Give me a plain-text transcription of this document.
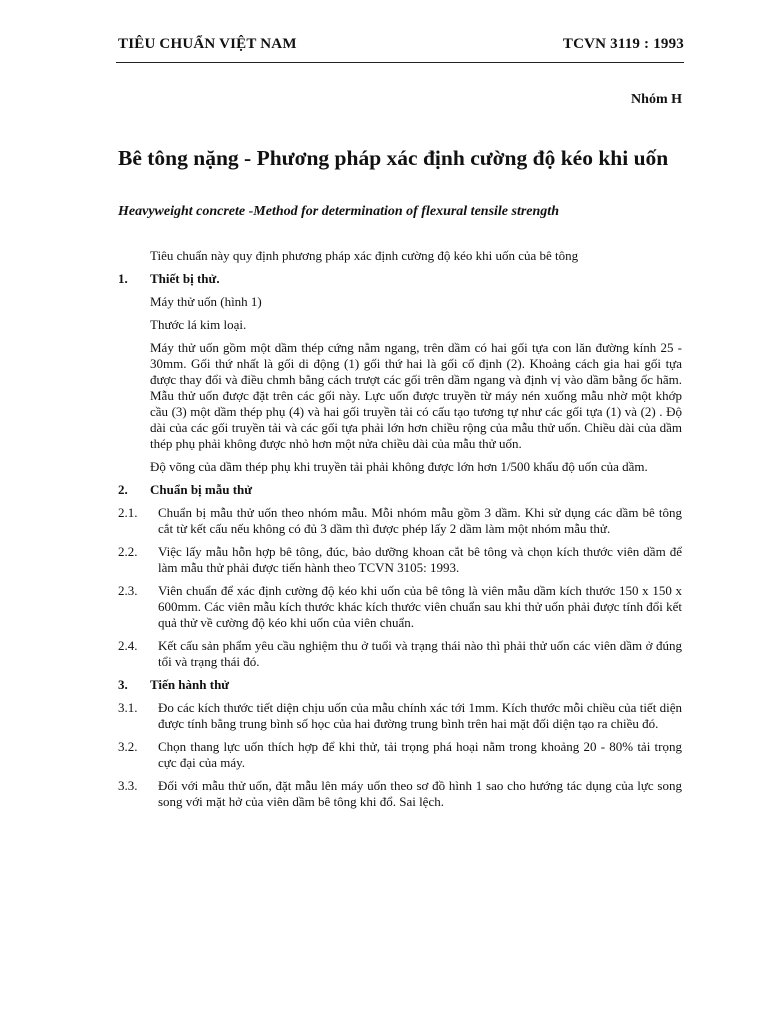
TIÊU CHUẨN VIỆT NAM	TCVN 3119 : 1993
Nhóm H
Bê tông nặng - Phương pháp xác định cường độ kéo khi uốn
Heavyweight concrete -Method for determination of flexural tensile strength

Tiêu chuẩn này quy định phương pháp xác định cường độ kéo khi uốn của bê tông

1.	Thiết bị thử.

Máy thử uốn (hình 1)

Thước lá kim loại.

Máy thử uốn gồm một dầm thép cứng nằm ngang, trên dầm có hai gối tựa con lăn đường kính 25 - 30mm. Gối thứ nhất là gối di động (1) gối thứ hai là gối cố định (2). Khoảng cách gia hai gối tựa được thay đổi và điều chmh bằng cách trượt các gối trên dầm ngang và định vị vào dầm bằng ốc hãm. Mẫu thử uốn được đặt trên các gối này. Lực uốn được truyền từ máy nén xuống mẫu nhờ một khớp cầu (3) một dầm thép phụ (4) và hai gối truyền tải có cấu tạo tương tự như các gối tựa (1) và (2) . Độ dài của các gối truyền tải và các gối tựa phải lớn hơn chiều rộng của mẫu thử uốn. Chiều dài của dầm thép phụ phải không được nhỏ hơn một nửa chiều dài của mẫu thử uốn.

Độ võng của dầm thép phụ khi truyền tải phải không được lớn hơn 1/500 khẩu độ uốn của dầm.

2.	Chuẩn bị mẫu thử
2.1.	Chuẩn bị mẫu thử uốn theo nhóm mẫu. Mỗi nhóm mẫu gồm 3 dầm. Khi sử dụng các dầm bê tông cắt từ kết cấu nếu không có đủ 3 dầm thì được phép lấy 2 dầm làm một nhóm mẫu thử.
2.2.	Việc lấy mẫu hỗn hợp bê tông, đúc, bảo dưỡng khoan cắt bê tông và chọn kích thước viên dầm để làm mẫu thử phải được tiến hành theo TCVN 3105: 1993.
2.3.	Viên chuẩn để xác định cường độ kéo khi uốn của bê tông là viên mẫu dầm kích thước 150 x 150 x 600mm. Các viên mẫu kích thước khác kích thước viên chuẩn sau khi thử uốn phải được tính đổi kết quả thử về cường độ kéo khi uốn của viên chuẩn.
2.4.	Kết cấu sản phẩm yêu cầu nghiệm thu ở tuổi và trạng thái nào thì phải thử uốn các viên dầm ở đúng tổi và trạng thái đó.
3.	Tiến hành thử
3.1.	Đo các kích thước tiết diện chịu uốn của mẫu chính xác tới 1mm. Kích thước mỗi chiều của tiết diện được tính bằng trung bình số học của hai đường trung bình trên hai mặt đối diện tạo ra chiều đó.
3.2.	Chọn thang lực uốn thích hợp để khi thử, tải trọng phá hoại nằm trong khoảng 20 - 80% tải trọng cực đại của máy.
3.3.	Đối với mẫu thử uốn, đặt mẫu lên máy uốn theo sơ đồ hình 1 sao cho hướng tác dụng của lực song song với mặt hở của viên dầm bê tông khi đổ. Sai lệch.
